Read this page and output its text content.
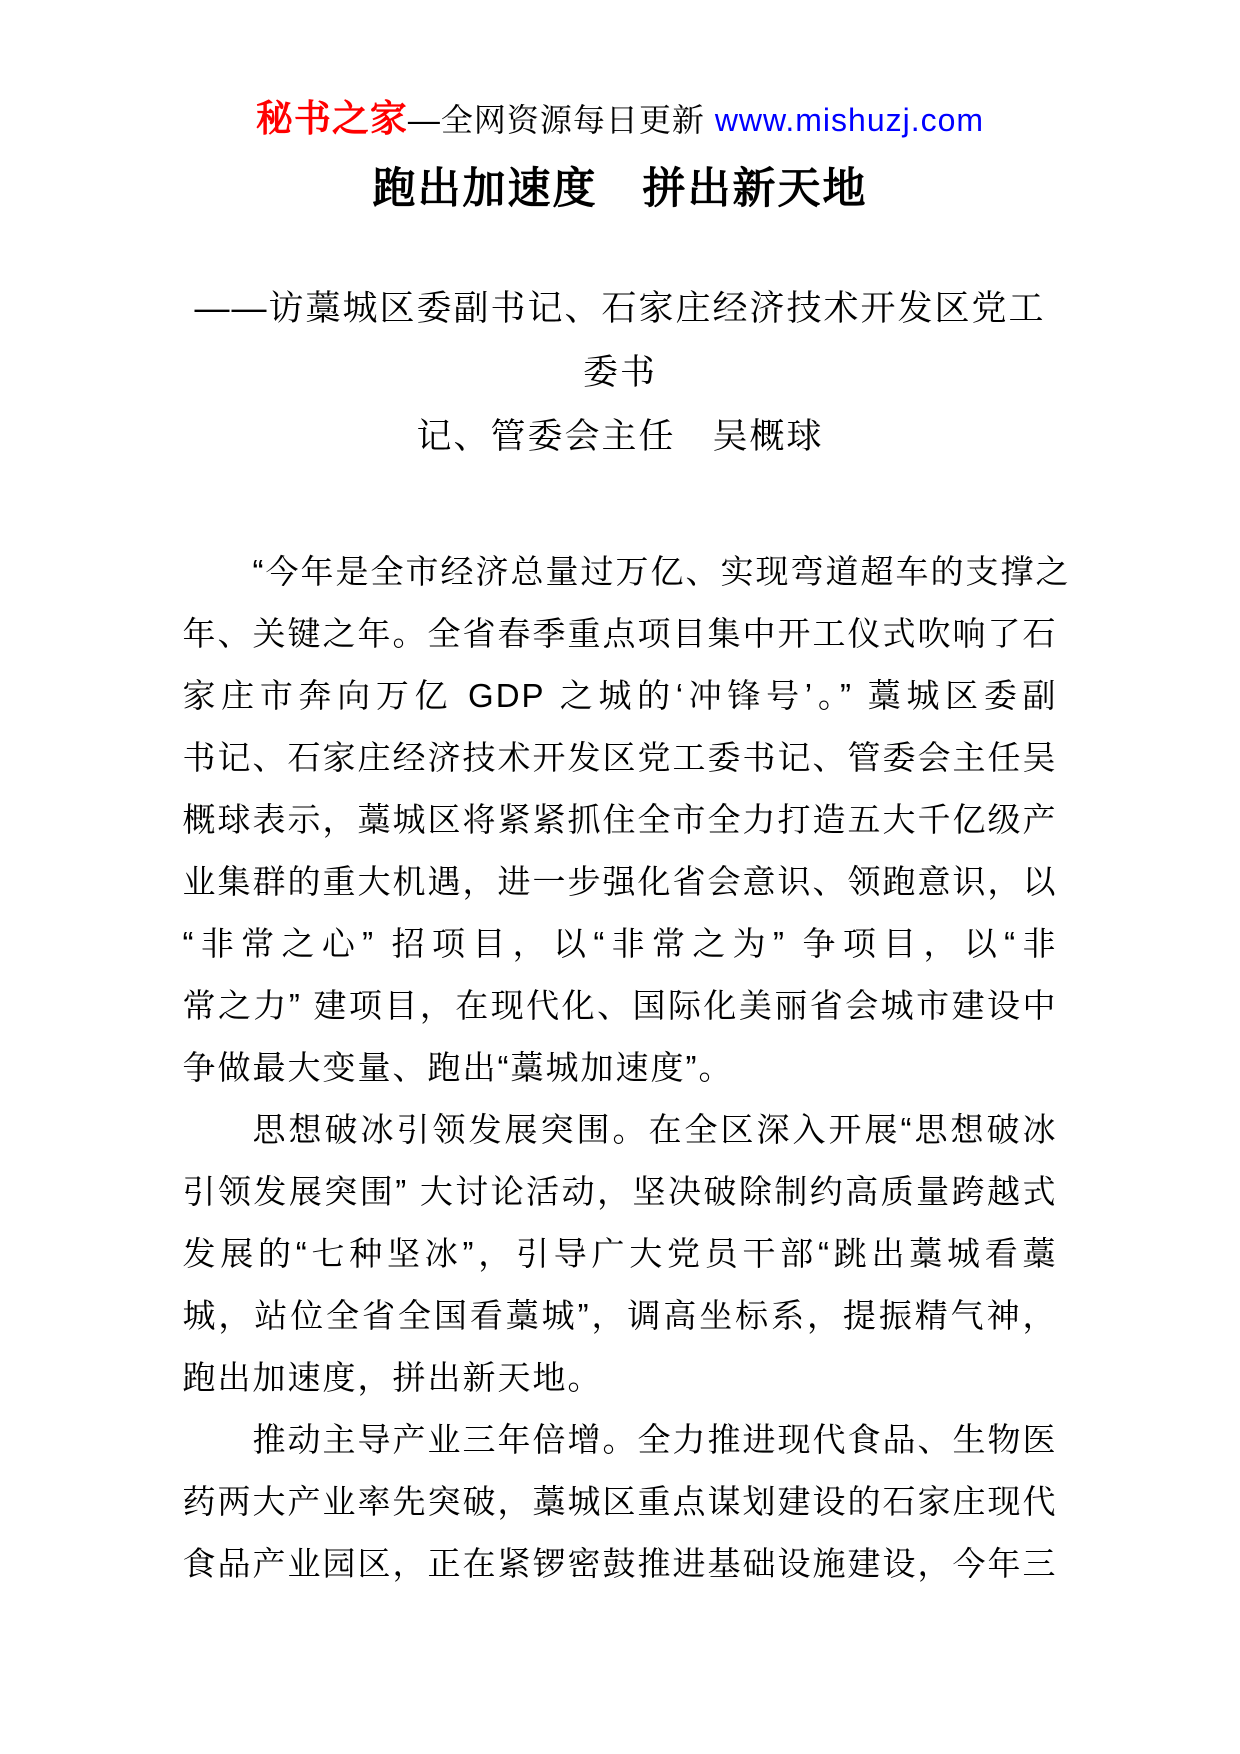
秘书之家—全网资源每日更新 www.mishuzj.com
跑出加速度　拼出新天地
——访藁城区委副书记、石家庄经济技术开发区党工委书
记、管委会主任　吴概球
“今年是全市经济总量过万亿、实现弯道超车的支撑之
年、关键之年。全省春季重点项目集中开工仪式吹响了石
家庄市奔向万亿 GDP 之城的‘冲锋号’。” 藁城区委副
书记、石家庄经济技术开发区党工委书记、管委会主任吴
概球表示，藁城区将紧紧抓住全市全力打造五大千亿级产
业集群的重大机遇，进一步强化省会意识、领跑意识，以
“非常之心” 招项目，以“非常之为” 争项目，以“非
常之力” 建项目，在现代化、国际化美丽省会城市建设中
争做最大变量、跑出“藁城加速度”。
思想破冰引领发展突围。在全区深入开展“思想破冰
引领发展突围” 大讨论活动，坚决破除制约高质量跨越式
发展的“七种坚冰”，引导广大党员干部“跳出藁城看藁
城，站位全省全国看藁城”，调高坐标系，提振精气神，
跑出加速度，拼出新天地。
推动主导产业三年倍增。全力推进现代食品、生物医
药两大产业率先突破，藁城区重点谋划建设的石家庄现代
食品产业园区，正在紧锣密鼓推进基础设施建设，今年三
